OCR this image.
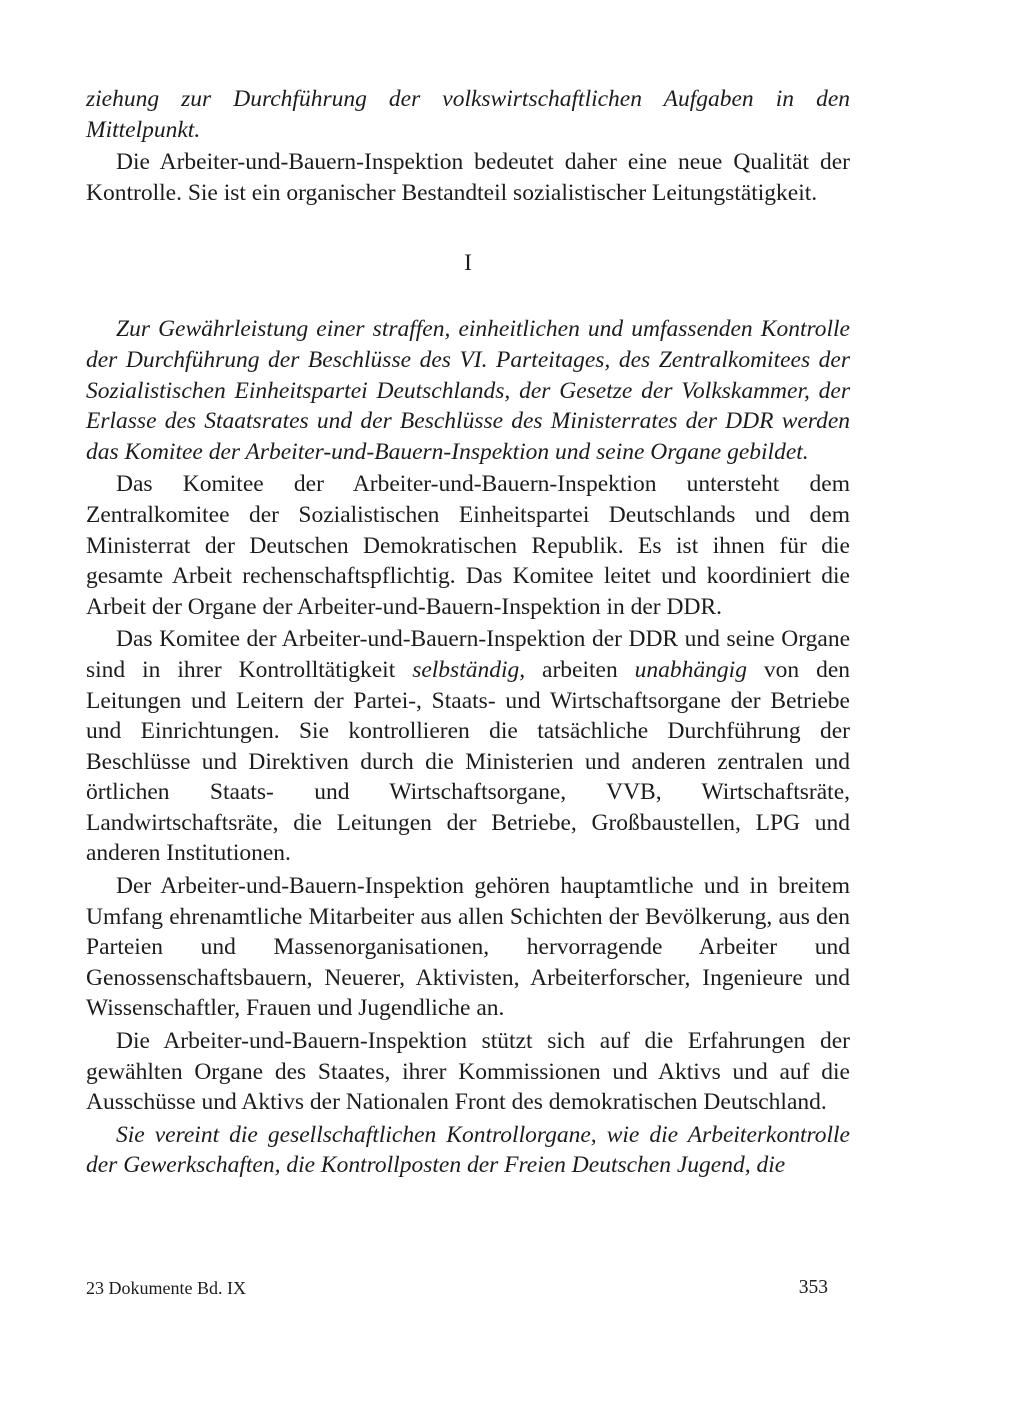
ziehung zur Durchführung der volkswirtschaftlichen Aufgaben in den Mittelpunkt.

Die Arbeiter-und-Bauern-Inspektion bedeutet daher eine neue Qualität der Kontrolle. Sie ist ein organischer Bestandteil sozialistischer Leitungstätigkeit.

I

Zur Gewährleistung einer straffen, einheitlichen und umfassenden Kontrolle der Durchführung der Beschlüsse des VI. Parteitages, des Zentralkomitees der Sozialistischen Einheitspartei Deutschlands, der Gesetze der Volkskammer, der Erlasse des Staatsrates und der Beschlüsse des Ministerrates der DDR werden das Komitee der Arbeiter-und-Bauern-Inspektion und seine Organe gebildet.

Das Komitee der Arbeiter-und-Bauern-Inspektion untersteht dem Zentralkomitee der Sozialistischen Einheitspartei Deutschlands und dem Ministerrat der Deutschen Demokratischen Republik. Es ist ihnen für die gesamte Arbeit rechenschaftspflichtig. Das Komitee leitet und koordiniert die Arbeit der Organe der Arbeiter-und-Bauern-Inspektion in der DDR.

Das Komitee der Arbeiter-und-Bauern-Inspektion der DDR und seine Organe sind in ihrer Kontrolltätigkeit selbständig, arbeiten unabhängig von den Leitungen und Leitern der Partei-, Staats- und Wirtschaftsorgane der Betriebe und Einrichtungen. Sie kontrollieren die tatsächliche Durchführung der Beschlüsse und Direktiven durch die Ministerien und anderen zentralen und örtlichen Staats- und Wirtschaftsorgane, VVB, Wirtschaftsräte, Landwirtschaftsräte, die Leitungen der Betriebe, Großbaustellen, LPG und anderen Institutionen.

Der Arbeiter-und-Bauern-Inspektion gehören hauptamtliche und in breitem Umfang ehrenamtliche Mitarbeiter aus allen Schichten der Bevölkerung, aus den Parteien und Massenorganisationen, hervorragende Arbeiter und Genossenschaftsbauern, Neuerer, Aktivisten, Arbeiterforscher, Ingenieure und Wissenschaftler, Frauen und Jugendliche an.

Die Arbeiter-und-Bauern-Inspektion stützt sich auf die Erfahrungen der gewählten Organe des Staates, ihrer Kommissionen und Aktivs und auf die Ausschüsse und Aktivs der Nationalen Front des demokratischen Deutschland.

Sie vereint die gesellschaftlichen Kontrollorgane, wie die Arbeiterkontrolle der Gewerkschaften, die Kontrollposten der Freien Deutschen Jugend, die

23 Dokumente Bd. IX	353
